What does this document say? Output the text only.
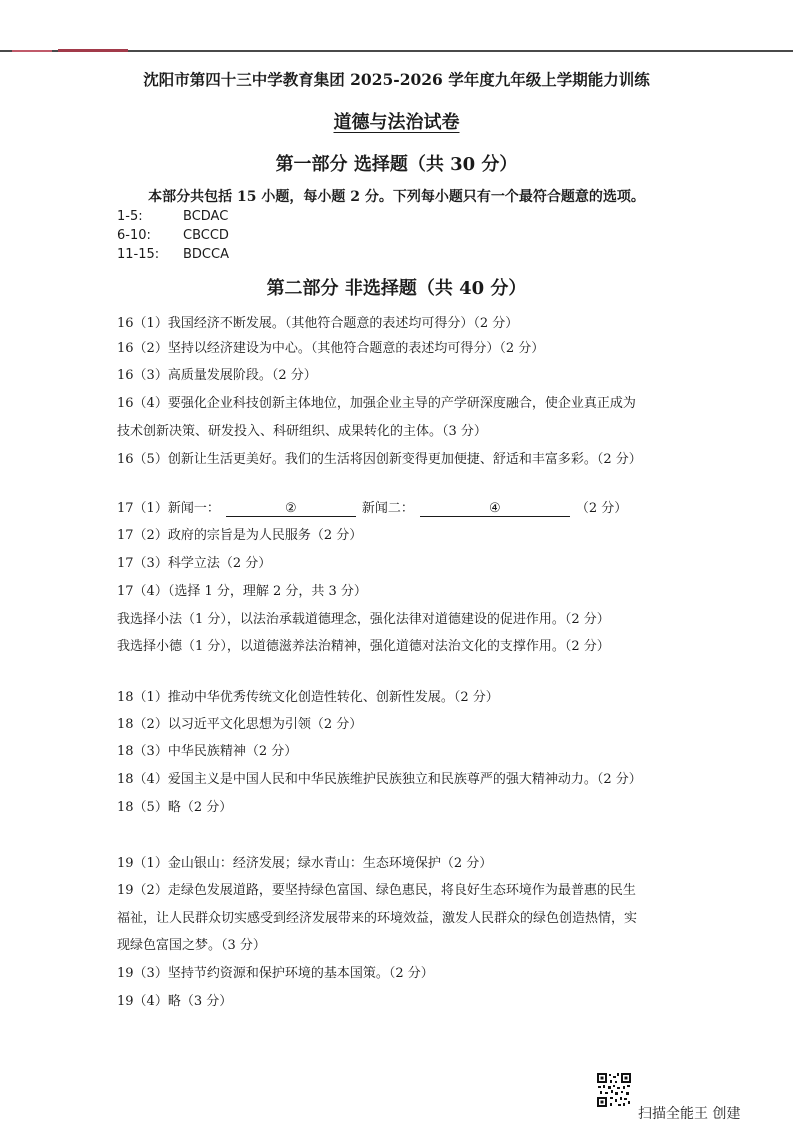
沈阳市第四十三中学教育集团 2025-2026 学年度九年级上学期能力训练
道德与法治试卷
第一部分 选择题（共 30 分）
本部分共包括 15 小题，每小题 2 分。下列每小题只有一个最符合题意的选项。
1-5:	BCDAC
6-10: CBCCD
11-15: BDCCA
第二部分 非选择题（共 40 分）
16（1）我国经济不断发展。（其他符合题意的表述均可得分）（2 分）
16（2）坚持以经济建设为中心。（其他符合题意的表述均可得分）（2 分）
16（3）高质量发展阶段。（2 分）
16（4）要强化企业科技创新主体地位，加强企业主导的产学研深度融合，使企业真正成为
技术创新决策、研发投入、科研组织、成果转化的主体。（3 分）
16（5）创新让生活更美好。我们的生活将因创新变得更加便捷、舒适和丰富多彩。（2 分）
17（1）新闻一：	②	新闻二：	④	（2 分）
17（2）政府的宗旨是为人民服务（2 分）
17（3）科学立法（2 分）
17（4）（选择 1 分，理解 2 分，共 3 分）
我选择小法（1 分），以法治承载道德理念，强化法律对道德建设的促进作用。（2 分）
我选择小德（1 分），以道德滋养法治精神，强化道德对法治文化的支撑作用。（2 分）
18（1）推动中华优秀传统文化创造性转化、创新性发展。（2 分）
18（2）以习近平文化思想为引领（2 分）
18（3）中华民族精神（2 分）
18（4）爱国主义是中国人民和中华民族维护民族独立和民族尊严的强大精神动力。（2 分）
18（5）略（2 分）
19（1）金山银山：经济发展；绿水青山：生态环境保护（2 分）
19（2）走绿色发展道路，要坚持绿色富国、绿色惠民，将良好生态环境作为最普惠的民生
福祉，让人民群众切实感受到经济发展带来的环境效益，激发人民群众的绿色创造热情，实
现绿色富国之梦。（3 分）
19（3）坚持节约资源和保护环境的基本国策。（2 分）
19（4）略（3 分）
扫描全能王 创建
